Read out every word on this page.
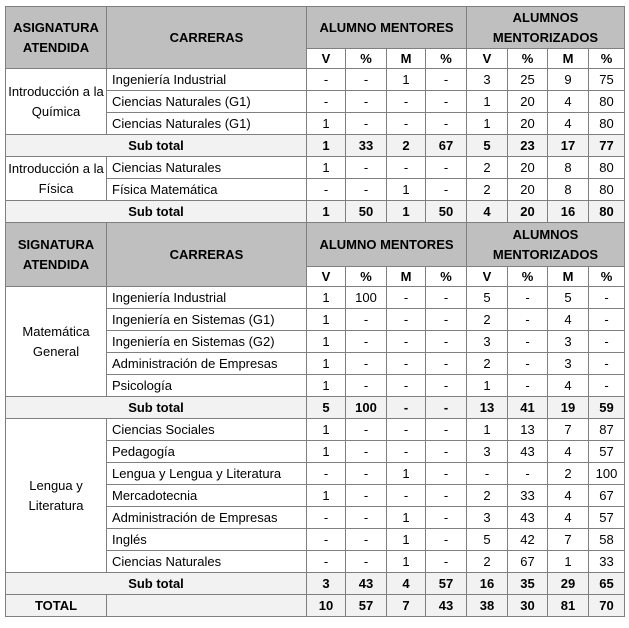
ASIGNATURA ATENDIDA	CARRERAS	ALUMNO MENTORES				ALUMNOS MENTORIZADOS			
		V	%	M	%	V	%	M	%
Introducción a la Química	Ingeniería Industrial	-	-	1	-	3	25	9	75
	Ciencias Naturales (G1)	-	-	-	-	1	20	4	80
	Ciencias Naturales (G1)	1	-	-	-	1	20	4	80
Sub total		1	33	2	67	5	23	17	77
Introducción a la Física	Ciencias Naturales	1	-	-	-	2	20	8	80
	Física Matemática	-	-	1	-	2	20	8	80
Sub total		1	50	1	50	4	20	16	80
SIGNATURA ATENDIDA	CARRERAS	ALUMNO MENTORES				ALUMNOS MENTORIZADOS			
		V	%	M	%	V	%	M	%
Matemática General	Ingeniería Industrial	1	100	-	-	5	-	5	-
	Ingeniería en Sistemas (G1)	1	-	-	-	2	-	4	-
	Ingeniería en Sistemas (G2)	1	-	-	-	3	-	3	-
	Administración de Empresas	1	-	-	-	2	-	3	-
	Psicología	1	-	-	-	1	-	4	-
Sub total		5	100	-	-	13	41	19	59
Lengua y Literatura	Ciencias Sociales	1	-	-	-	1	13	7	87
	Pedagogía	1	-	-	-	3	43	4	57
	Lengua y Lengua y Literatura	-	-	1	-	-	-	2	100
	Mercadotecnia	1	-	-	-	2	33	4	67
	Administración de Empresas	-	-	1	-	3	43	4	57
	Inglés	-	-	1	-	5	42	7	58
	Ciencias Naturales	-	-	1	-	2	67	1	33
Sub total		3	43	4	57	16	35	29	65
TOTAL		10	57	7	43	38	30	81	70
